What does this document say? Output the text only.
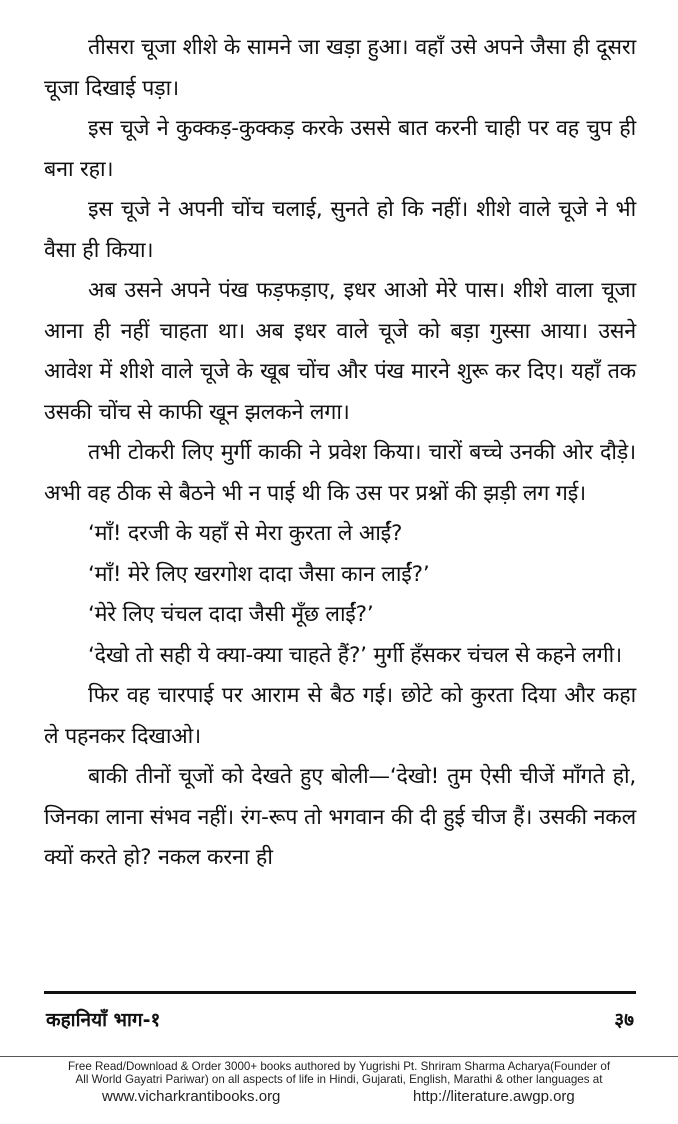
तीसरा चूजा शीशे के सामने जा खड़ा हुआ। वहाँ उसे अपने जैसा ही दूसरा चूजा दिखाई पड़ा।

इस चूजे ने कुक्कड़-कुक्कड़ करके उससे बात करनी चाही पर वह चुप ही बना रहा।

इस चूजे ने अपनी चोंच चलाई, सुनते हो कि नहीं। शीशे वाले चूजे ने भी वैसा ही किया।

अब उसने अपने पंख फड़फड़ाए, इधर आओ मेरे पास। शीशे वाला चूजा आना ही नहीं चाहता था। अब इधर वाले चूजे को बड़ा गुस्सा आया। उसने आवेश में शीशे वाले चूजे के खूब चोंच और पंख मारने शुरू कर दिए। यहाँ तक उसकी चोंच से काफी खून झलकने लगा।

तभी टोकरी लिए मुर्गी काकी ने प्रवेश किया। चारों बच्चे उनकी ओर दौड़े। अभी वह ठीक से बैठने भी न पाई थी कि उस पर प्रश्नों की झड़ी लग गई।

‘माँ! दरजी के यहाँ से मेरा कुरता ले आईं?

‘माँ! मेरे लिए खरगोश दादा जैसा कान लाईं?’

‘मेरे लिए चंचल दादा जैसी मूँछ लाईं?’

‘देखो तो सही ये क्या-क्या चाहते हैं?’ मुर्गी हँसकर चंचल से कहने लगी।

फिर वह चारपाई पर आराम से बैठ गई। छोटे को कुरता दिया और कहा ले पहनकर दिखाओ।

बाकी तीनों चूजों को देखते हुए बोली—‘देखो! तुम ऐसी चीजें माँगते हो, जिनका लाना संभव नहीं। रंग-रूप तो भगवान की दी हुई चीज हैं। उसकी नकल क्यों करते हो? नकल करना ही

कहानियाँ भाग-१	३७
Free Read/Download & Order 3000+ books authored by Yugrishi Pt. Shriram Sharma Acharya(Founder of
All World Gayatri Pariwar) on all aspects of life in Hindi, Gujarati, English, Marathi & other languages at
www.vicharkrantibooks.org	http://literature.awgp.org
